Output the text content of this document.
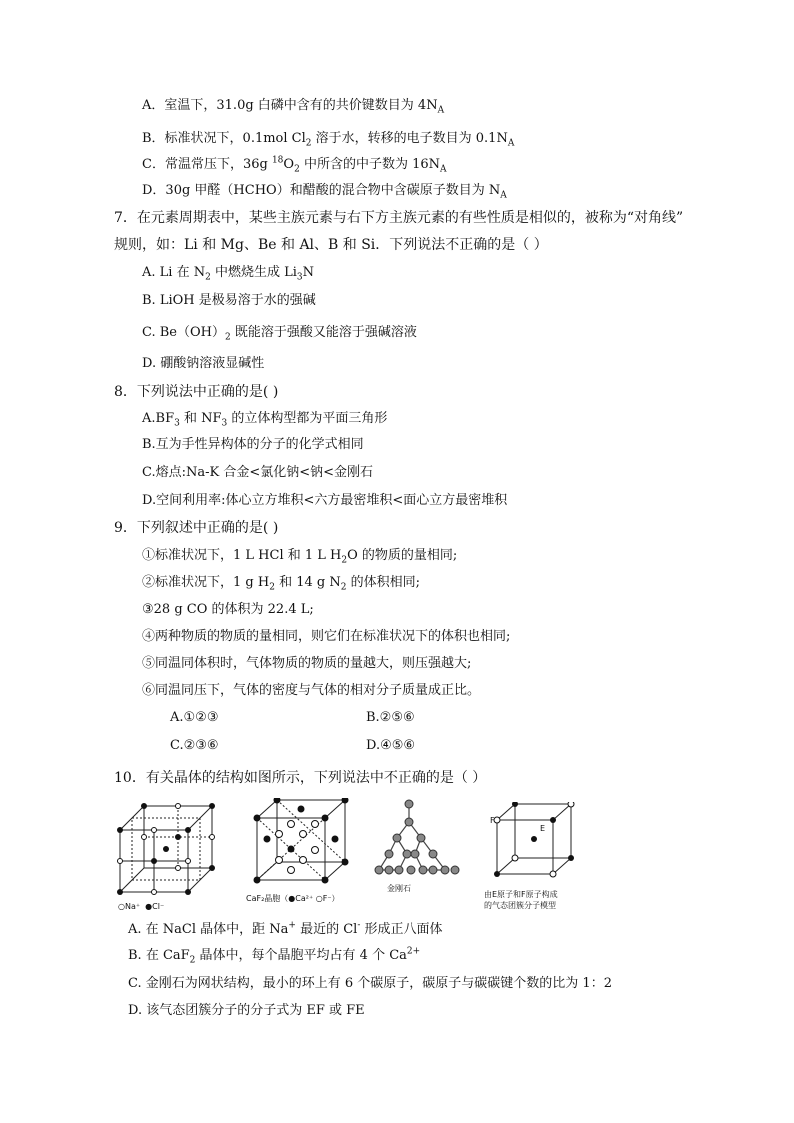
A．室温下，31.0g 白磷中含有的共价键数目为 $4N_A$
B．标准状况下，0.1mol $Cl_2$ 溶于水，转移的电子数目为 $0.1N_A$
C．常温常压下，36g $^{18}O_2$ 中所含的中子数为 $16N_A$
D．30g 甲醛（HCHO）和醋酸的混合物中含碳原子数目为 $N_A$
7．在元素周期表中，某些主族元素与右下方主族元素的有些性质是相似的，被称为“对角线”
规则，如：Li 和 Mg、Be 和 Al、B 和 Si．下列说法不正确的是（ ）
A. Li 在 $N_2$ 中燃烧生成 $Li_3N$
B. LiOH 是极易溶于水的强碱
C. $Be(OH)_2$ 既能溶于强酸又能溶于强碱溶液
D. 硼酸钠溶液显碱性
8．下列说法中正确的是( )
$A.BF_3$ 和 $NF_3$ 的立体构型都为平面三角形
B.互为手性异构体的分子的化学式相同
C.熔点:Na-K 合金<氯化钠<钠<金刚石
D.空间利用率:体心立方堆积<六方最密堆积<面心立方最密堆积
9．下列叙述中正确的是( )
①标准状况下，1 L HCl 和 1 L $H_2O$ 的物质的量相同;
②标准状况下，1 g $H_2$ 和 14 g $N_2$ 的体积相同;
③28 g CO 的体积为 22.4 L;
④两种物质的物质的量相同，则它们在标准状况下的体积也相同;
⑤同温同体积时，气体物质的物质的量越大，则压强越大;
⑥同温同压下，气体的密度与气体的相对分子质量成正比。
A.①②③	B.②⑤⑥
C.②③⑥	D.④⑤⑥
10．有关晶体的结构如图所示，下列说法中不正确的是（ ）
○Na⁺  ●Cl⁻
CaF₂晶胞（●Ca²⁺ ○F⁻）
金刚石
F
E
由E原子和F原子构成
的气态团簇分子模型
A. 在 NaCl 晶体中，距 Na+ 最近的 Cl- 形成正八面体
B. 在 CaF$_2$ 晶体中，每个晶胞平均占有 4 个 $Ca^{2+}$
C. 金刚石为网状结构，最小的环上有 6 个碳原子，碳原子与碳碳键个数的比为 1：2
D. 该气态团簇分子的分子式为 EF 或 FE
